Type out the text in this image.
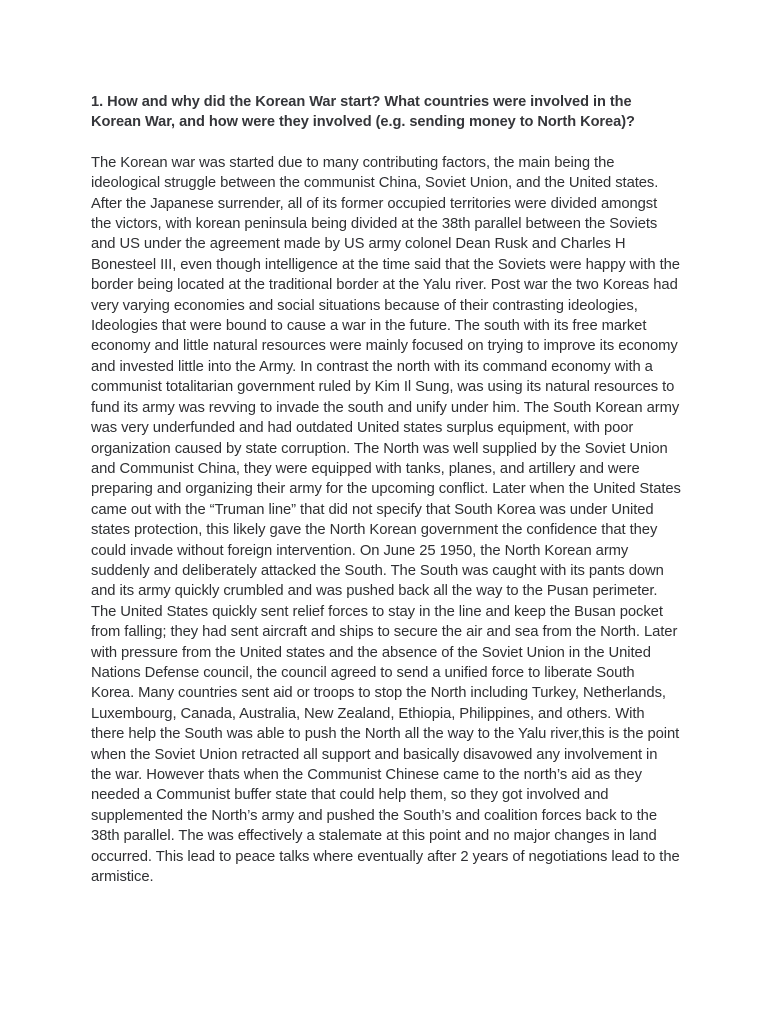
1. How and why did the Korean War start? What countries were involved in the Korean War, and how were they involved (e.g. sending money to North Korea)?

The Korean war was started due to many contributing factors, the main being the ideological struggle between the communist China, Soviet Union, and the United states. After the Japanese surrender, all of its former occupied territories were divided amongst the victors, with korean peninsula being divided at the 38th parallel between the Soviets and US under the agreement made by US army colonel Dean Rusk and Charles H Bonesteel III, even though intelligence at the time said that the Soviets were happy with the border being located at the traditional border at the Yalu river. Post war the two Koreas had very varying economies and social situations because of their contrasting ideologies, Ideologies that were bound to cause a war in the future. The south with its free market economy and little natural resources were mainly focused on trying to improve its economy and invested little into the Army. In contrast the north with its command economy with a communist totalitarian government ruled by Kim Il Sung, was using its natural resources to fund its army was revving to invade the south and unify under him. The South Korean army was very underfunded and had outdated United states surplus equipment, with poor organization caused by state corruption. The North was well supplied by the Soviet Union and Communist China, they were equipped with tanks, planes, and artillery and were preparing and organizing their army for the upcoming conflict. Later when the United States came out with the “Truman line” that did not specify that South Korea was under United states protection, this likely gave the North Korean government the confidence that they could invade without foreign intervention. On June 25 1950, the North Korean army suddenly and deliberately attacked the South. The South was caught with its pants down and its army quickly crumbled and was pushed back all the way to the Pusan perimeter. The United States quickly sent relief forces to stay in the line and keep the Busan pocket from falling; they had sent aircraft and ships to secure the air and sea from the North. Later with pressure from the United states and the absence of the Soviet Union in the United Nations Defense council, the council agreed to send a unified force to liberate South Korea. Many countries sent aid or troops to stop the North including Turkey, Netherlands, Luxembourg, Canada, Australia, New Zealand, Ethiopia, Philippines, and others. With there help the South was able to push the North all the way to the Yalu river,this is the point when the Soviet Union retracted all support and basically disavowed any involvement in the war. However thats when the Communist Chinese came to the north’s aid as they needed a Communist buffer state that could help them, so they got involved and supplemented the North’s army and pushed the South’s and coalition forces back to the 38th parallel. The was effectively a stalemate at this point and no major changes in land occurred. This lead to peace talks where eventually after 2 years of negotiations lead to the armistice.
